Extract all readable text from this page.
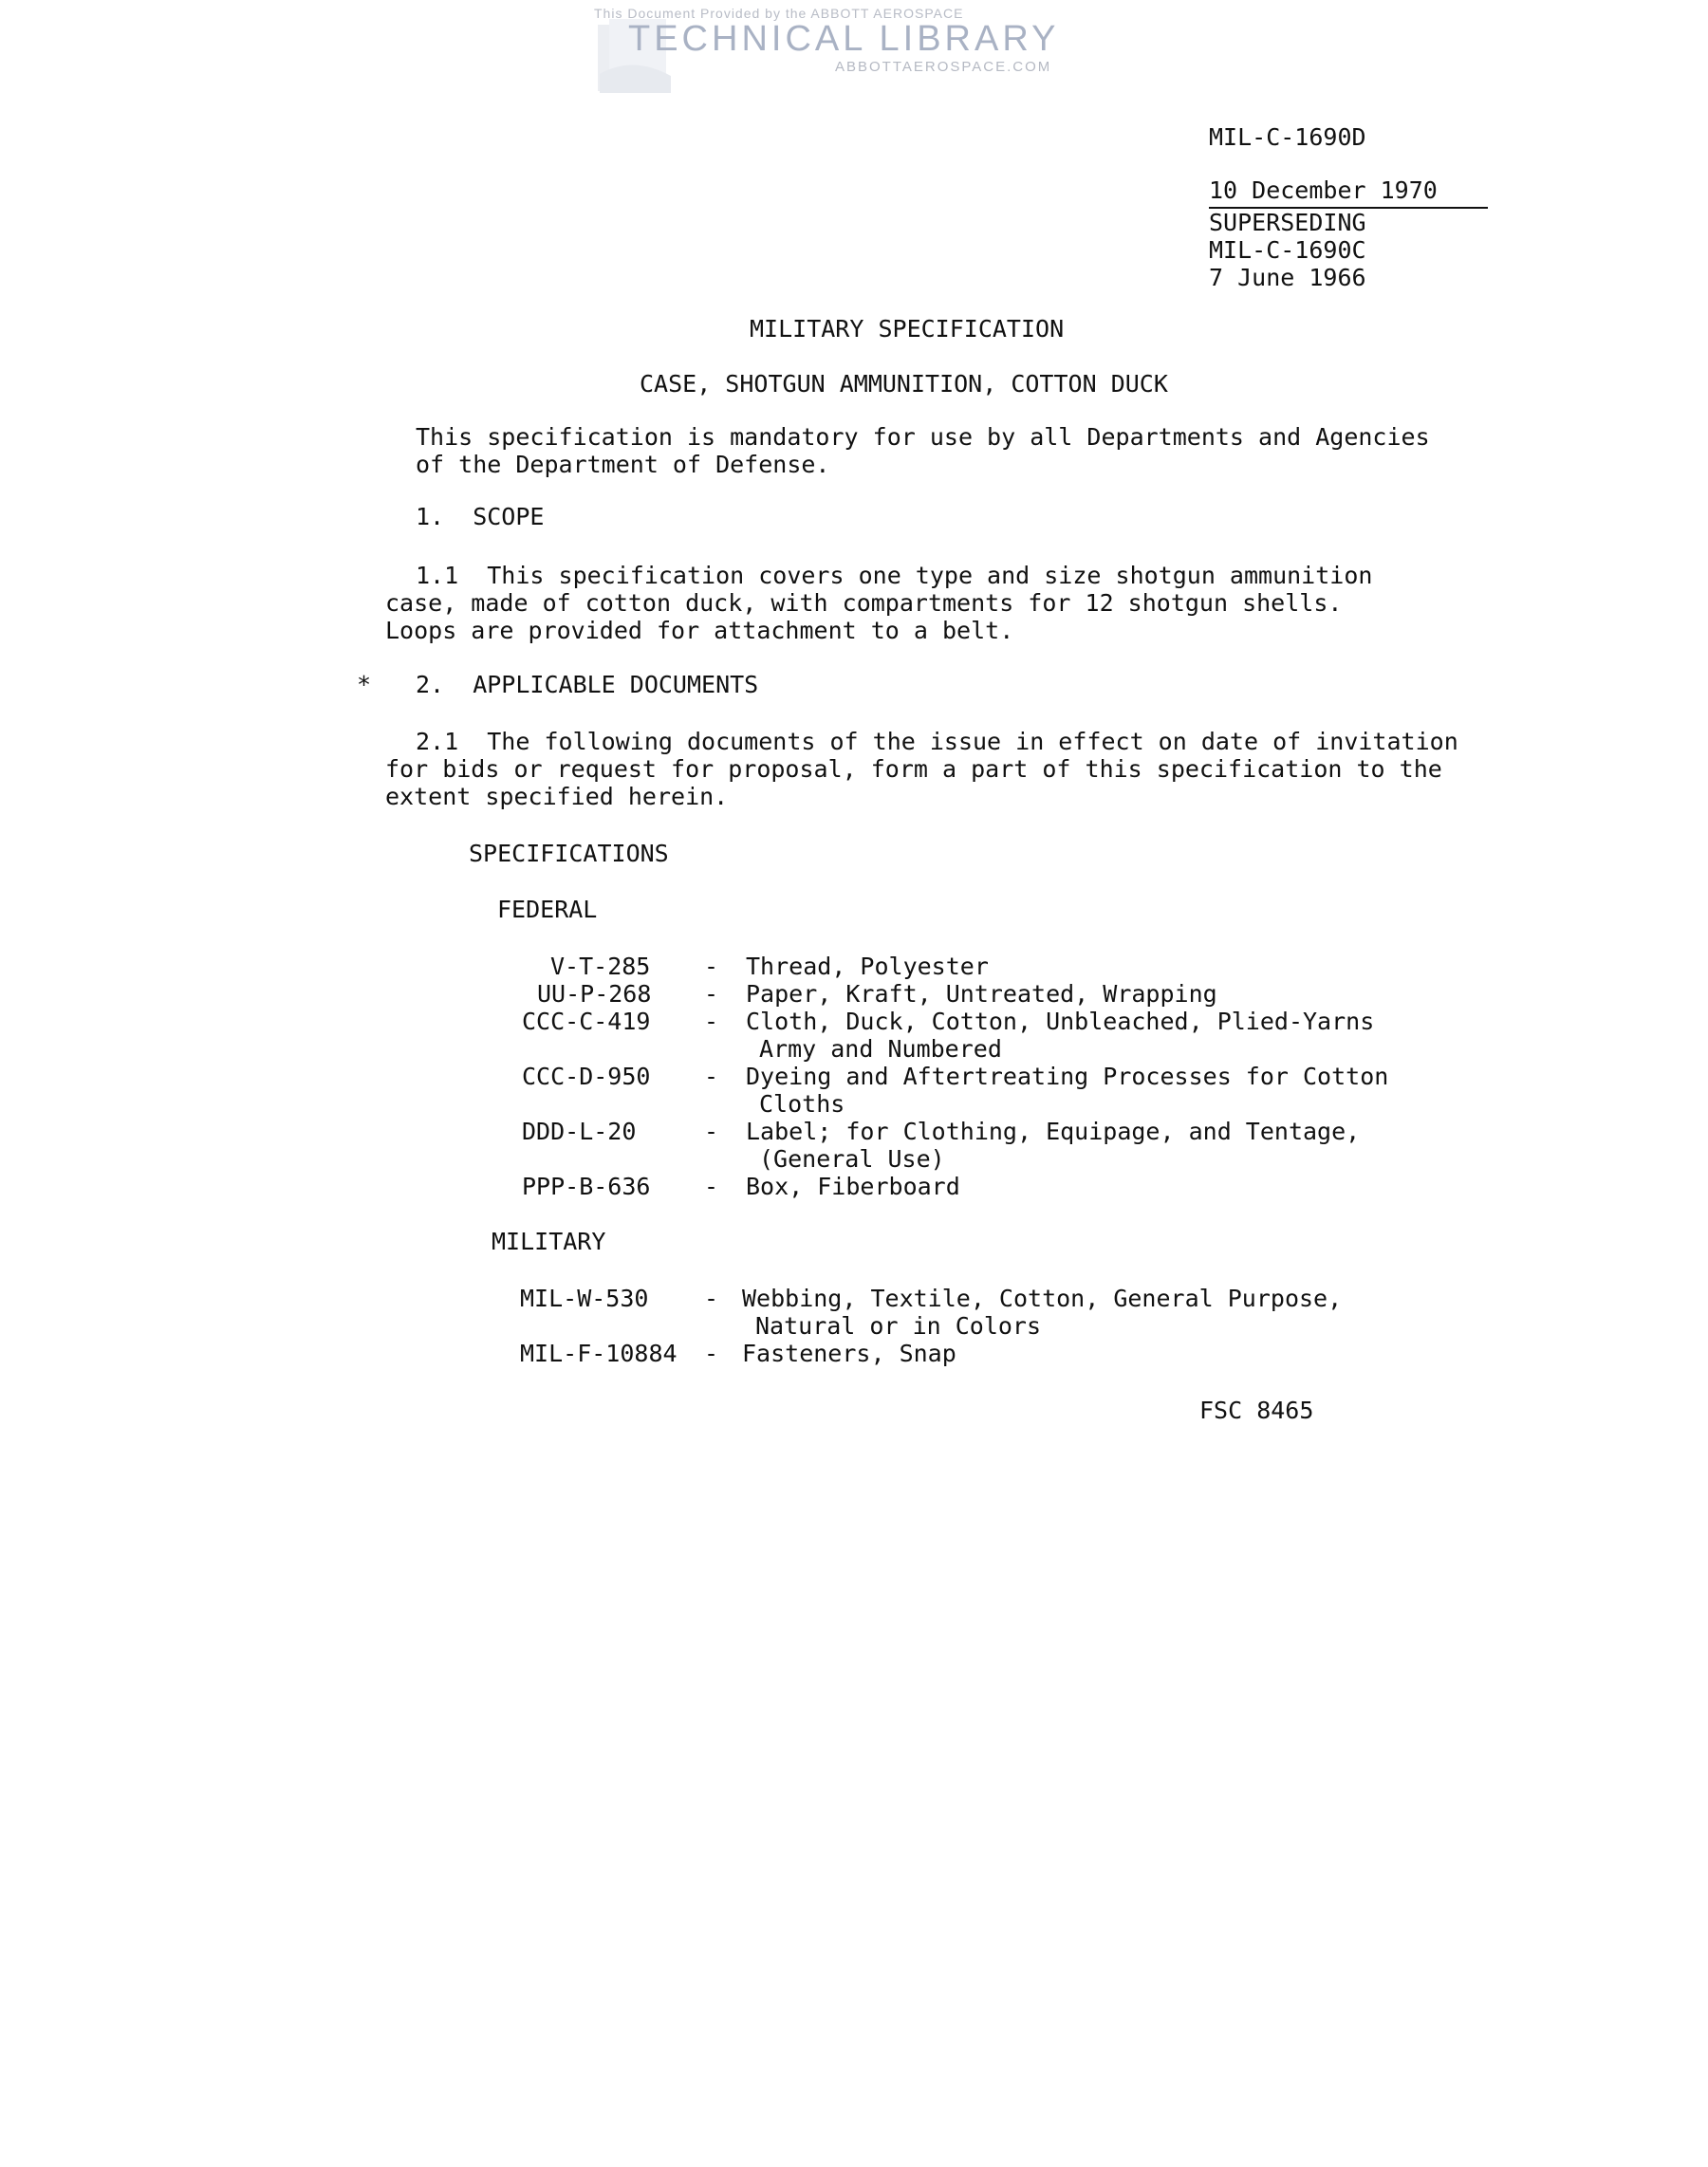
This Document Provided by the ABBOTT AEROSPACE
TECHNICAL LIBRARY
ABBOTTAEROSPACE.COM
MIL-C-1690D
10 December 1970
SUPERSEDING
MIL-C-1690C
7 June 1966
MILITARY SPECIFICATION
CASE, SHOTGUN AMMUNITION, COTTON DUCK
This specification is mandatory for use by all Departments and Agencies
of the Department of Defense.
1.  SCOPE
1.1  This specification covers one type and size shotgun ammunition
case, made of cotton duck, with compartments for 12 shotgun shells.
Loops are provided for attachment to a belt.
* 2.  APPLICABLE DOCUMENTS
2.1  The following documents of the issue in effect on date of invitation
for bids or request for proposal, form a part of this specification to the
extent specified herein.
SPECIFICATIONS
FEDERAL
V-T-285 - Thread, Polyester
UU-P-268 - Paper, Kraft, Untreated, Wrapping
CCC-C-419 - Cloth, Duck, Cotton, Unbleached, Plied-Yarns
Army and Numbered
CCC-D-950 - Dyeing and Aftertreating Processes for Cotton
Cloths
DDD-L-20	- Label; for Clothing, Equipage, and Tentage,
(General Use)
PPP-B-636 - Box, Fiberboard
MILITARY
MIL-W-530 - Webbing, Textile, Cotton, General Purpose,
Natural or in Colors
MIL-F-10884 - Fasteners, Snap
FSC 8465
